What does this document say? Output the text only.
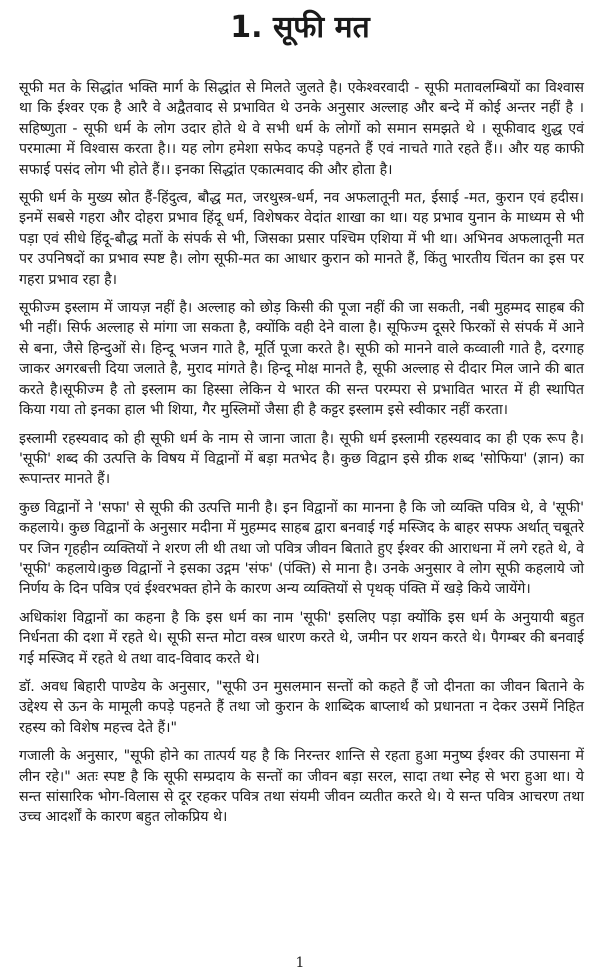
1. सूफी मत

सूफी मत के सिद्धांत भक्ति मार्ग के सिद्धांत से मिलते जुलते है। एकेश्वरवादी - सूफी मतावलम्बियों का विश्वास था कि ईश्वर एक है आरै वे अद्वैतवाद से प्रभावित थे उनके अनुसार अल्लाह और बन्दे में कोई अन्तर नहीं है । सहिष्णुता - सूफी धर्म के लोग उदार होते थे वे सभी धर्म के लोगों को समान समझते थे । सूफीवाद शुद्ध एवं परमात्मा में विश्वास करता है।। यह लोग हमेशा सफेद कपड़े पहनते हैं एवं नाचते गाते रहते हैं।। और यह काफी सफाई पसंद लोग भी होते हैं।। इनका सिद्धांत एकात्मवाद की और होता है।

सूफी धर्म के मुख्य स्रोत हैं-हिंदुत्व, बौद्ध मत, जरथुस्त्र-धर्म, नव अफलातूनी मत, ईसाई -मत, कुरान एवं हदीस। इनमें सबसे गहरा और दोहरा प्रभाव हिंदू धर्म, विशेषकर वेदांत शाखा का था। यह प्रभाव युनान के माध्यम से भी पड़ा एवं सीधे हिंदू-बौद्ध मतों के संपर्क से भी, जिसका प्रसार पश्चिम एशिया में भी था। अभिनव अफलातूनी मत पर उपनिषदों का प्रभाव स्पष्ट है। लोग सूफी-मत का आधार कुरान को मानते हैं, किंतु भारतीय चिंतन का इस पर गहरा प्रभाव रहा है।

सूफीज्म इस्लाम में जायज़ नहीं है। अल्लाह को छोड़ किसी की पूजा नहीं की जा सकती, नबी मुहम्मद साहब की भी नहीं। सिर्फ अल्लाह से मांगा जा सकता है, क्योंकि वही देने वाला है। सूफिज्म दूसरे फिरकों से संपर्क में आने से बना, जैसे हिन्दुओं से। हिन्दू भजन गाते है, मूर्ति पूजा करते है। सूफी को मानने वाले कव्वाली गाते है, दरगाह जाकर अगरबत्ती दिया जलाते है, मुराद मांगते है। हिन्दू मोक्ष मानते है, सूफी अल्लाह से दीदार मिल जाने की बात करते है।सूफीज्म है तो इस्लाम का हिस्सा लेकिन ये भारत की सन्त परम्परा से प्रभावित भारत में ही स्थापित किया गया तो इनका हाल भी शिया, गैर मुस्लिमों जैसा ही है कट्टर इस्लाम इसे स्वीकार नहीं करता।

इस्लामी रहस्यवाद को ही सूफी धर्म के नाम से जाना जाता है। सूफी धर्म इस्लामी रहस्यवाद का ही एक रूप है। 'सूफी' शब्द की उत्पत्ति के विषय में विद्वानों में बड़ा मतभेद है। कुछ विद्वान इसे ग्रीक शब्द 'सोफिया' (ज्ञान) का रूपान्तर मानते हैं।

कुछ विद्वानों ने 'सफा' से सूफी की उत्पत्ति मानी है। इन विद्वानों का मानना है कि जो व्यक्ति पवित्र थे, वे 'सूफी' कहलाये। कुछ विद्वानों के अनुसार मदीना में मुहम्मद साहब द्वारा बनवाई गई मस्जिद के बाहर सफ्फ अर्थात् चबूतरे पर जिन गृहहीन व्यक्तियों ने शरण ली थी तथा जो पवित्र जीवन बिताते हुए ईश्वर की आराधना में लगे रहते थे, वे 'सूफी' कहलाये।कुछ विद्वानों ने इसका उद्गम 'संफ' (पंक्ति) से माना है। उनके अनुसार वे लोग सूफी कहलाये जो निर्णय के दिन पवित्र एवं ईश्वरभक्त होने के कारण अन्य व्यक्तियों से पृथक् पंक्ति में खड़े किये जायेंगे।

अधिकांश विद्वानों का कहना है कि इस धर्म का नाम 'सूफी' इसलिए पड़ा क्योंकि इस धर्म के अनुयायी बहुत निर्धनता की दशा में रहते थे। सूफी सन्त मोटा वस्त्र धारण करते थे, जमीन पर शयन करते थे। पैगम्बर की बनवाई गई मस्जिद में रहते थे तथा वाद-विवाद करते थे।

डॉ. अवध बिहारी पाण्डेय के अनुसार, "सूफी उन मुसलमान सन्तों को कहते हैं जो दीनता का जीवन बिताने के उद्देश्य से ऊन के मामूली कपड़े पहनते हैं तथा जो कुरान के शाब्दिक बाप्लार्थ को प्रधानता न देकर उसमें निहित रहस्य को विशेष महत्त्व देते हैं।"

गजाली के अनुसार, "सूफी होने का तात्पर्य यह है कि निरन्तर शान्ति से रहता हुआ मनुष्य ईश्वर की उपासना में लीन रहे।" अतः स्पष्ट है कि सूफी सम्प्रदाय के सन्तों का जीवन बड़ा सरल, सादा तथा स्नेह से भरा हुआ था। ये सन्त सांसारिक भोग-विलास से दूर रहकर पवित्र तथा संयमी जीवन व्यतीत करते थे। ये सन्त पवित्र आचरण तथा उच्च आदर्शों के कारण बहुत लोकप्रिय थे।

1
